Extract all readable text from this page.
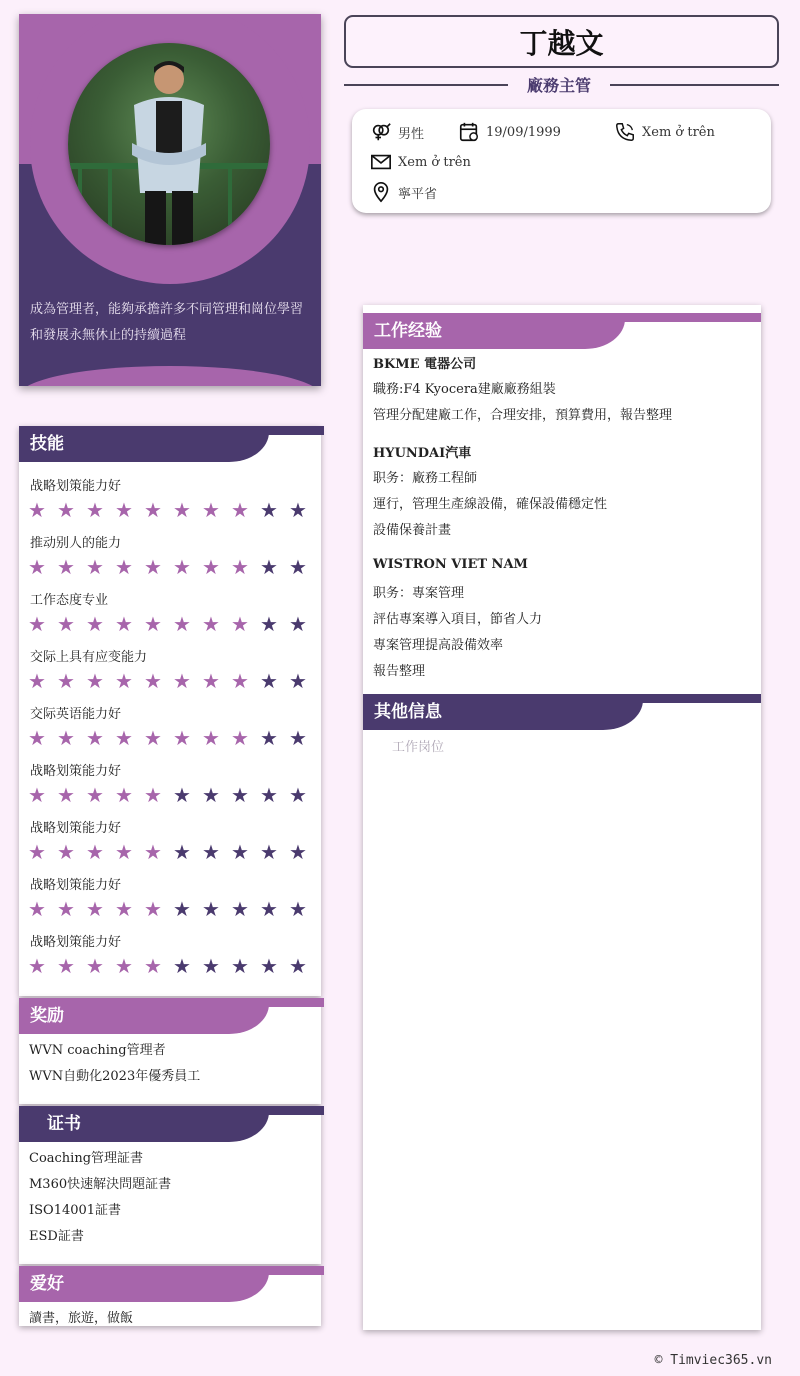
成為管理者，能夠承擔許多不同管理和崗位學習和發展永無休止的持續過程
丁越文
廠務主管
男性	19/09/1999	Xem ở trên
Xem ở trên
寧平省
技能
战略划策能力好
★ ★ ★ ★ ★ ★ ★ ★ ★ ★
推动别人的能力
★ ★ ★ ★ ★ ★ ★ ★ ★ ★
工作态度专业
★ ★ ★ ★ ★ ★ ★ ★ ★ ★
交际上具有应变能力
★ ★ ★ ★ ★ ★ ★ ★ ★ ★
交际英语能力好
★ ★ ★ ★ ★ ★ ★ ★ ★ ★
战略划策能力好
★ ★ ★ ★ ★ ★ ★ ★ ★ ★
战略划策能力好
★ ★ ★ ★ ★ ★ ★ ★ ★ ★
战略划策能力好
★ ★ ★ ★ ★ ★ ★ ★ ★ ★
战略划策能力好
★ ★ ★ ★ ★ ★ ★ ★ ★ ★
奖励
WVN coaching管理者
WVN自動化2023年優秀員工
证书
Coaching管理証書
M360快速解決問題証書
ISO14001証書
ESD証書
爱好
讀書，旅遊，做飯
工作经验
BKME 電器公司
職務:F4 Kyocera建廠廠務組裝
管理分配建廠工作，合理安排，預算費用，報告整理
HYUNDAI汽車
职务：廠務工程師
運行，管理生產線設備，確保設備穩定性
設備保養計畫
WISTRON VIET NAM
职务：專案管理
評估專案導入項目，節省人力
專案管理提高設備效率
報告整理
其他信息
工作岗位
© Timviec365.vn
